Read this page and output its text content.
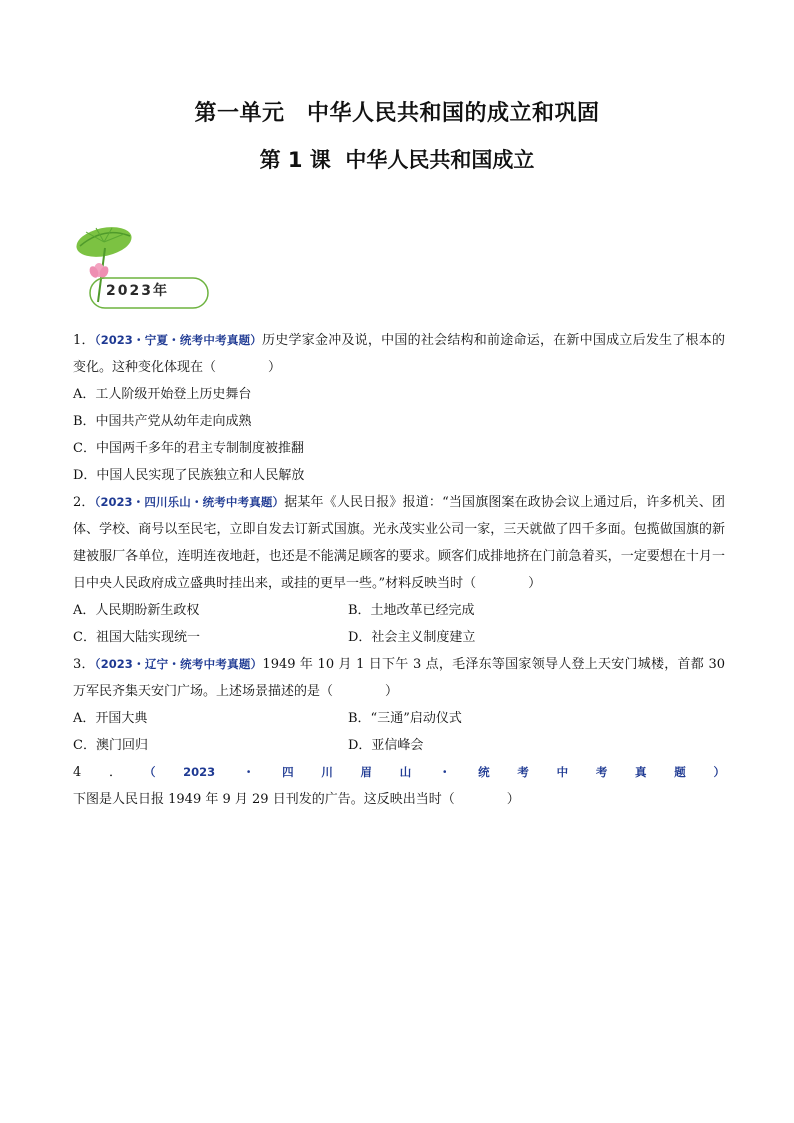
第一单元　中华人民共和国的成立和巩固
第 1 课  中华人民共和国成立
2023年
1．（2023・宁夏・统考中考真题）历史学家金冲及说，中国的社会结构和前途命运，在新中国成立后发生了根本的变化。这种变化体现在（　　　　）
A．工人阶级开始登上历史舞台
B．中国共产党从幼年走向成熟
C．中国两千多年的君主专制制度被推翻
D．中国人民实现了民族独立和人民解放
2．（2023・四川乐山・统考中考真题）据某年《人民日报》报道：“当国旗图案在政协会议上通过后，许多机关、团体、学校、商号以至民宅，立即自发去订新式国旗。光永茂实业公司一家，三天就做了四千多面。包揽做国旗的新建被服厂各单位，连明连夜地赶，也还是不能满足顾客的要求。顾客们成排地挤在门前急着买，一定要想在十月一日中央人民政府成立盛典时挂出来，或挂的更早一些。”材料反映当时（　　　　）
A．人民期盼新生政权	B．土地改革已经完成
C．祖国大陆实现统一	D．社会主义制度建立
3．（2023・辽宁・统考中考真题）1949 年 10 月 1 日下午 3 点，毛泽东等国家领导人登上天安门城楼，首都 30 万军民齐集天安门广场。上述场景描述的是（　　　　）
A．开国大典	B．“三通”启动仪式
C．澳门回归	D．亚信峰会
4．（2023・四川眉山・统考中考真题）下图是人民日报 1949 年 9 月 29 日刊发的广告。这反映出当时（　　　　）
